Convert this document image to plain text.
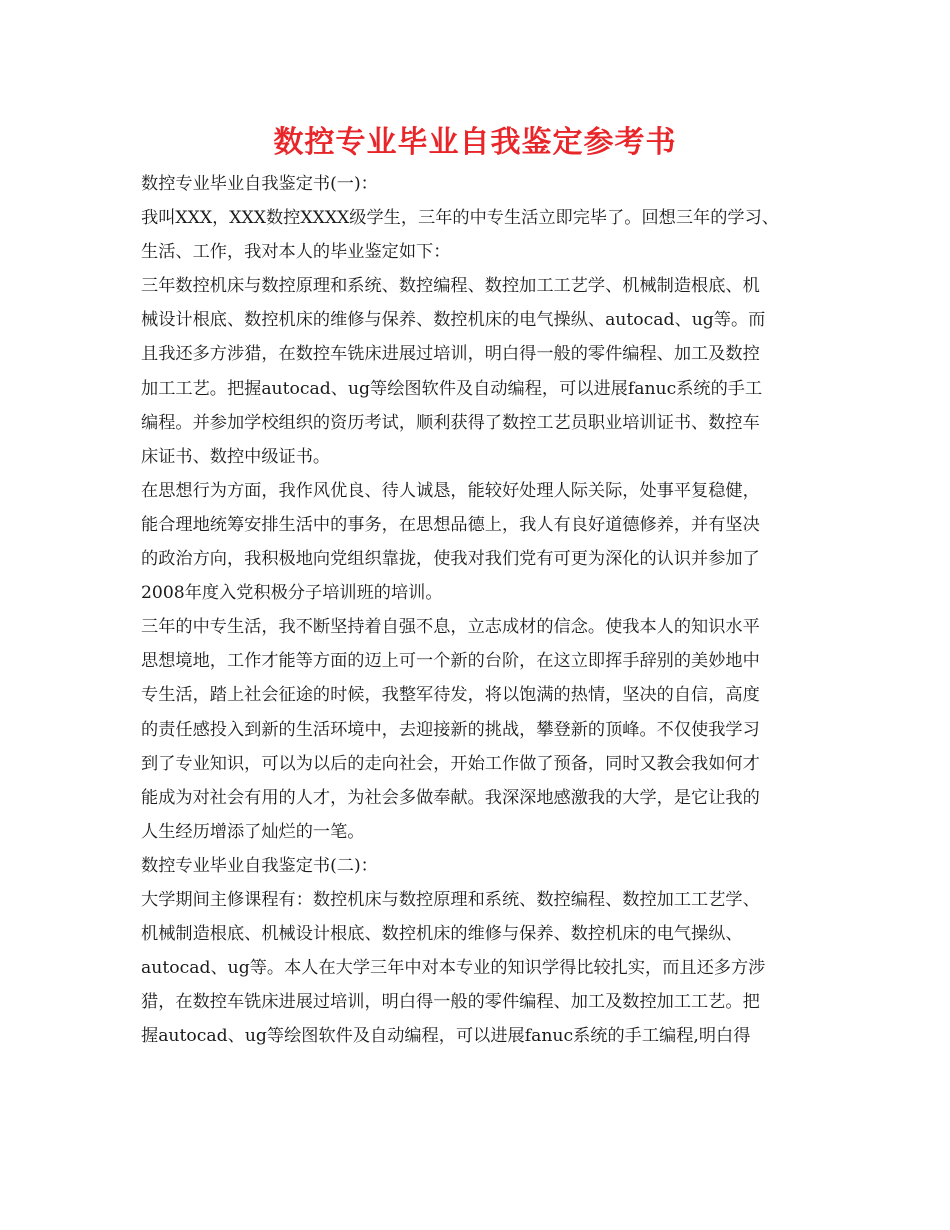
数控专业毕业自我鉴定参考书
数控专业毕业自我鉴定书(一)：
我叫XXX，XXX数控XXXX级学生，三年的中专生活立即完毕了。回想三年的学习、
生活、工作，我对本人的毕业鉴定如下：
三年数控机床与数控原理和系统、数控编程、数控加工工艺学、机械制造根底、机
械设计根底、数控机床的维修与保养、数控机床的电气操纵、autocad、ug等。而
且我还多方涉猎，在数控车铣床进展过培训，明白得一般的零件编程、加工及数控
加工工艺。把握autocad、ug等绘图软件及自动编程，可以进展fanuc系统的手工
编程。并参加学校组织的资历考试，顺利获得了数控工艺员职业培训证书、数控车
床证书、数控中级证书。
在思想行为方面，我作风优良、待人诚恳，能较好处理人际关际，处事平复稳健，
能合理地统筹安排生活中的事务，在思想品德上，我人有良好道德修养，并有坚决
的政治方向，我积极地向党组织靠拢，使我对我们党有可更为深化的认识并参加了
2008年度入党积极分子培训班的培训。
三年的中专生活，我不断坚持着自强不息，立志成材的信念。使我本人的知识水平
思想境地，工作才能等方面的迈上可一个新的台阶，在这立即挥手辞别的美妙地中
专生活，踏上社会征途的时候，我整军待发，将以饱满的热情，坚决的自信，高度
的责任感投入到新的生活环境中，去迎接新的挑战，攀登新的顶峰。不仅使我学习
到了专业知识，可以为以后的走向社会，开始工作做了预备，同时又教会我如何才
能成为对社会有用的人才，为社会多做奉献。我深深地感激我的大学，是它让我的
人生经历增添了灿烂的一笔。
数控专业毕业自我鉴定书(二)：
大学期间主修课程有：数控机床与数控原理和系统、数控编程、数控加工工艺学、
机械制造根底、机械设计根底、数控机床的维修与保养、数控机床的电气操纵、
autocad、ug等。本人在大学三年中对本专业的知识学得比较扎实，而且还多方涉
猎，在数控车铣床进展过培训，明白得一般的零件编程、加工及数控加工工艺。把
握autocad、ug等绘图软件及自动编程，可以进展fanuc系统的手工编程,明白得
